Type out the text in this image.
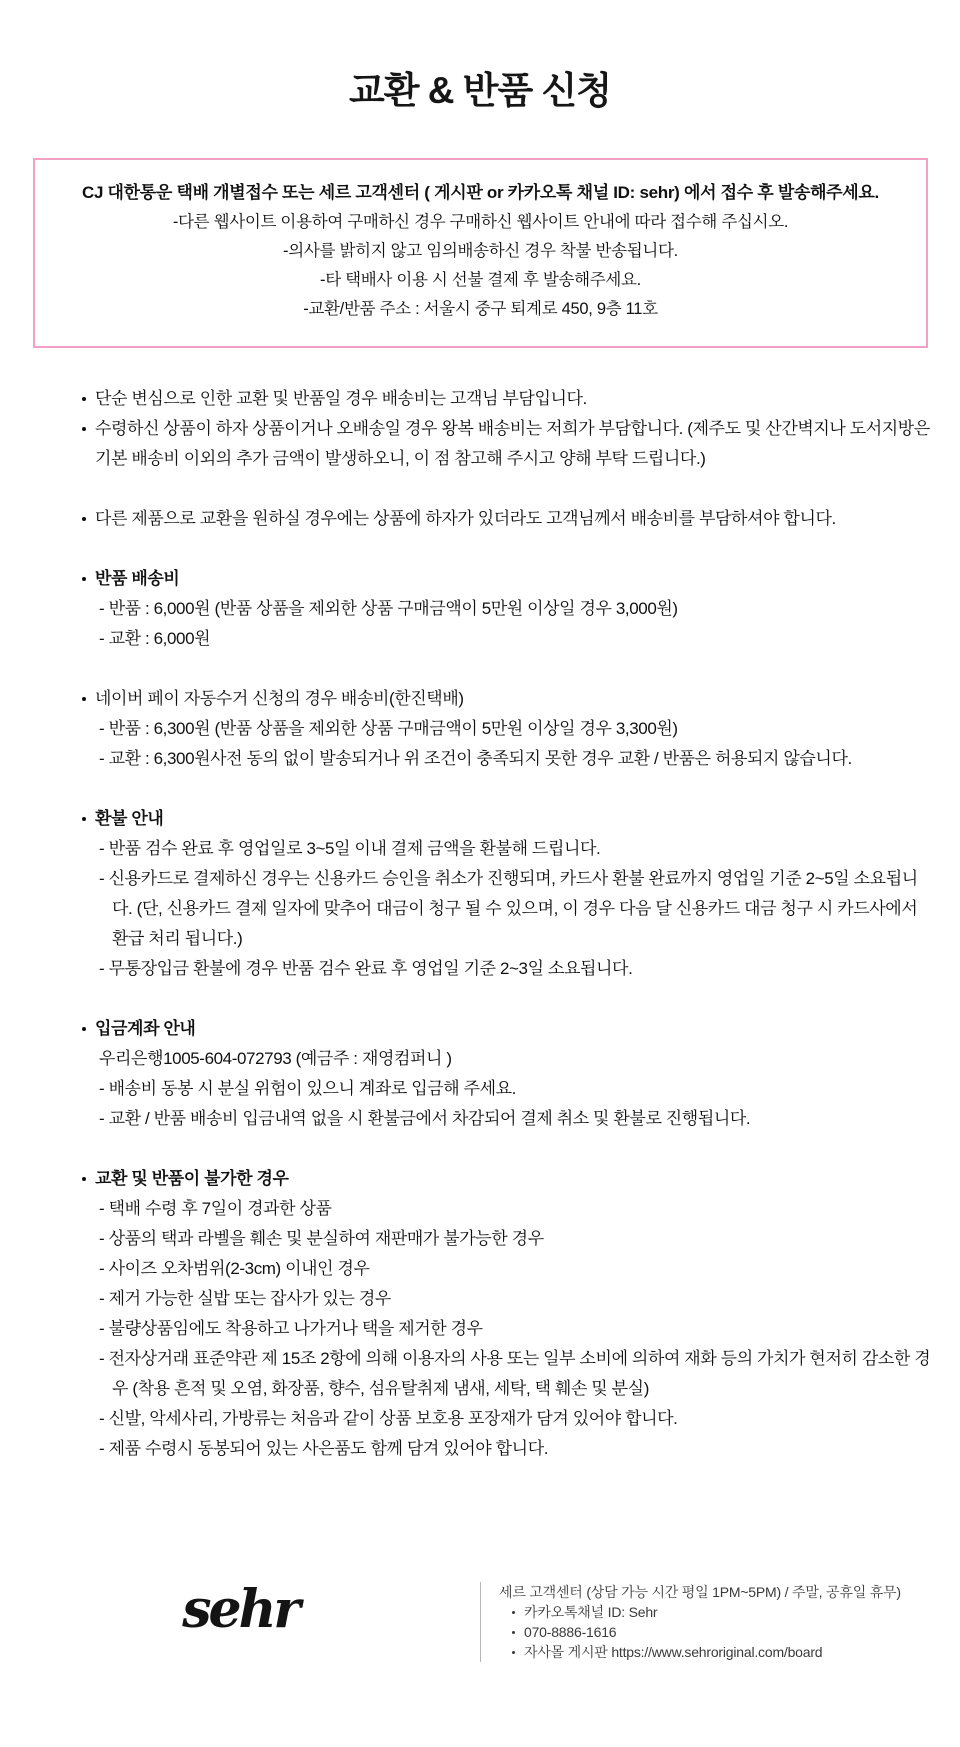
교환 & 반품 신청

CJ 대한통운 택배 개별접수 또는 세르 고객센터 ( 게시판 or 카카오톡 채널 ID: sehr) 에서 접수 후 발송해주세요.

-다른 웹사이트 이용하여 구매하신 경우 구매하신 웹사이트 안내에 따라 접수해 주십시오.

-의사를 밝히지 않고 임의배송하신 경우 착불 반송됩니다.

-타 택배사 이용 시 선불 결제 후 발송해주세요.

-교환/반품 주소 : 서울시 중구 퇴계로 450, 9층 11호

단순 변심으로 인한 교환 및 반품일 경우 배송비는 고객님 부담입니다.
수령하신 상품이 하자 상품이거나 오배송일 경우 왕복 배송비는 저희가 부담합니다. (제주도 및 산간벽지나 도서지방은 기본 배송비 이외의 추가 금액이 발생하오니, 이 점 참고해 주시고 양해 부탁 드립니다.)
다른 제품으로 교환을 원하실 경우에는 상품에 하자가 있더라도 고객님께서 배송비를 부담하셔야 합니다.
반품 배송비
- 반품 : 6,000원 (반품 상품을 제외한 상품 구매금액이 5만원 이상일 경우 3,000원)
- 교환 : 6,000원
네이버 페이 자동수거 신청의 경우 배송비(한진택배)
- 반품 : 6,300원 (반품 상품을 제외한 상품 구매금액이 5만원 이상일 경우 3,300원)
- 교환 : 6,300원사전 동의 없이 발송되거나 위 조건이 충족되지 못한 경우 교환 / 반품은 허용되지 않습니다.
환불 안내
- 반품 검수 완료 후 영업일로 3~5일 이내 결제 금액을 환불해 드립니다.
- 신용카드로 결제하신 경우는 신용카드 승인을 취소가 진행되며, 카드사 환불 완료까지 영업일 기준 2~5일 소요됩니다. (단, 신용카드 결제 일자에 맞추어 대금이 청구 될 수 있으며, 이 경우 다음 달 신용카드 대금 청구 시 카드사에서 환급 처리 됩니다.)
- 무통장입금 환불에 경우 반품 검수 완료 후 영업일 기준 2~3일 소요됩니다.
입금계좌 안내
우리은행1005-604-072793 (예금주 : 재영컴퍼니 )
- 배송비 동봉 시 분실 위험이 있으니 계좌로 입금해 주세요.
- 교환 / 반품 배송비 입금내역 없을 시 환불금에서 차감되어 결제 취소 및 환불로 진행됩니다.
교환 및 반품이 불가한 경우
- 택배 수령 후 7일이 경과한 상품
- 상품의 택과 라벨을 훼손 및 분실하여 재판매가 불가능한 경우
- 사이즈 오차범위(2-3cm) 이내인 경우
- 제거 가능한 실밥 또는 잡사가 있는 경우
- 불량상품임에도 착용하고 나가거나 택을 제거한 경우
- 전자상거래 표준약관 제 15조 2항에 의해 이용자의 사용 또는 일부 소비에 의하여 재화 등의 가치가 현저히 감소한 경우 (착용 흔적 및 오염, 화장품, 향수, 섬유탈취제 냄새, 세탁, 택 훼손 및 분실)
- 신발, 악세사리, 가방류는 처음과 같이 상품 보호용 포장재가 담겨 있어야 합니다.
- 제품 수령시 동봉되어 있는 사은품도 함께 담겨 있어야 합니다.
sehr	세르 고객센터 (상담 가능 시간 평일 1PM~5PM) / 주말, 공휴일 휴무)
카카오톡채널 ID: Sehr
070-8886-1616
자사몰 게시판 https://www.sehroriginal.com/board
